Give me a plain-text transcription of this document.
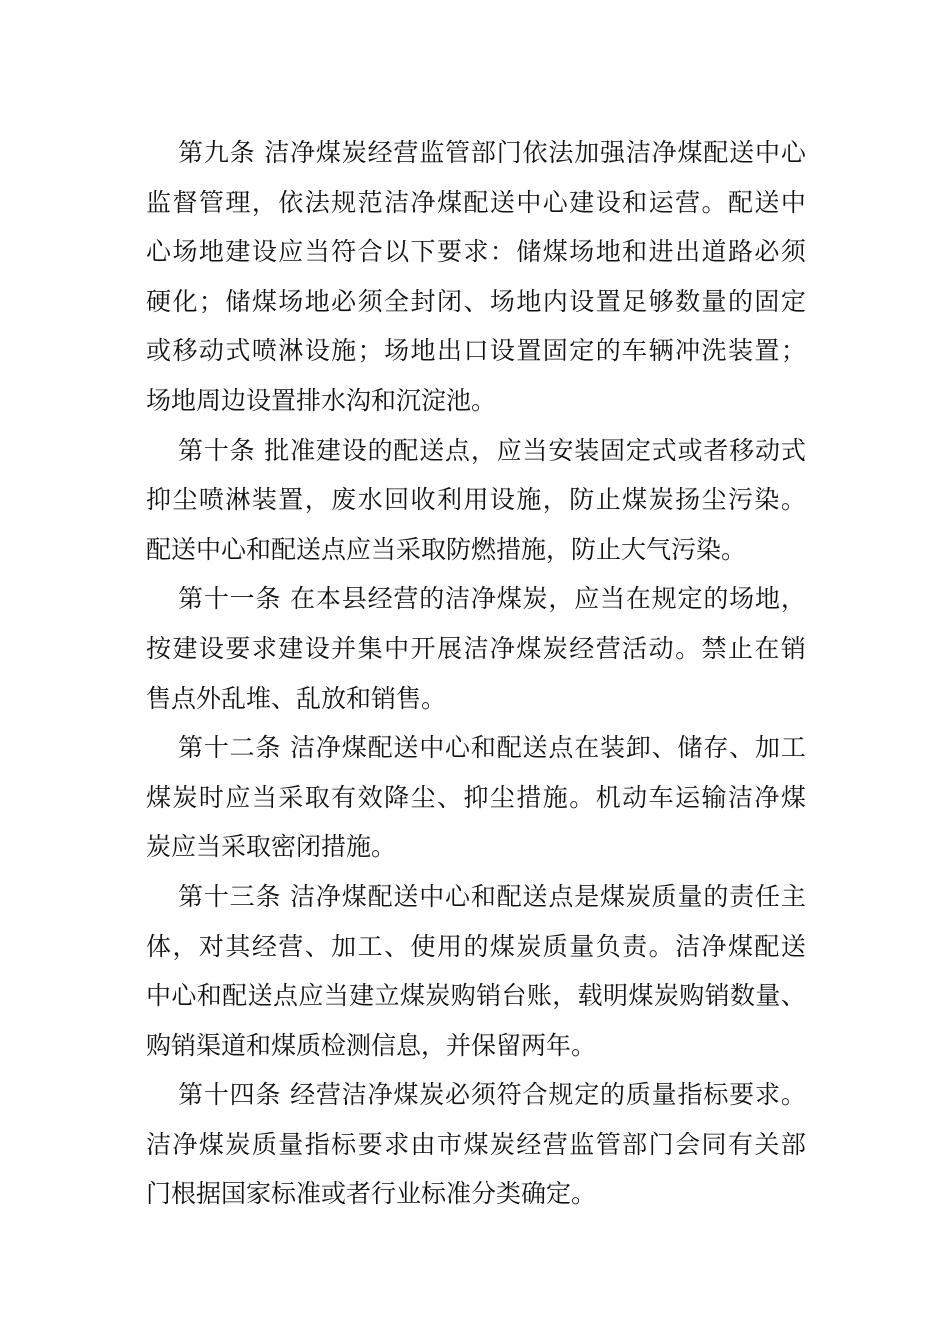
第 九 条
洁 净 煤 炭 经 营 监 管 部 门 依 法 加 强 洁 净 煤 配 送 中 心
监 督 管 理 ， 依 法 规 范 洁 净 煤 配 送 中 心 建 设 和 运 营 。 配 送 中
心 场 地 建 设 应 当 符 合 以 下 要 求 ： 储 煤 场 地 和 进 出 道 路 必 须
硬 化 ； 储 煤 场 地 必 须 全 封 闭 、 场 地 内 设 置 足 够 数 量 的 固 定
或 移 动 式 喷 淋 设 施 ； 场 地 出 口 设 置 固 定 的 车 辆 冲 洗 装 置 ；
场地周边设置排水沟和沉淀池。
第 十 条
批 准 建 设 的 配 送 点 ， 应 当 安 装 固 定 式 或 者 移 动 式
抑 尘 喷 淋 装 置 ， 废 水 回 收 利 用 设 施 ， 防 止 煤 炭 扬 尘 污 染 。
配送中心和配送点应当采取防燃措施，防止大气污染。
第 十 一 条
在 本 县 经 营 的 洁 净 煤 炭 ， 应 当 在 规 定 的 场 地 ，
按 建 设 要 求 建 设 并 集 中 开 展 洁 净 煤 炭 经 营 活 动 。 禁 止 在 销
售点外乱堆、乱放和销售。
第 十 二 条
洁 净 煤 配 送 中 心 和 配 送 点 在 装 卸 、 储 存 、 加 工
煤 炭 时 应 当 采 取 有 效 降 尘 、 抑 尘 措 施 。 机 动 车 运 输 洁 净 煤
炭应当采取密闭措施。
第 十 三 条
洁 净 煤 配 送 中 心 和 配 送 点 是 煤 炭 质 量 的 责 任 主
体 ， 对 其 经 营 、 加 工 、 使 用 的 煤 炭 质 量 负 责 。 洁 净 煤 配 送
中 心 和 配 送 点 应 当 建 立 煤 炭 购 销 台 账 ， 载 明 煤 炭 购 销 数 量 、
购销渠道和煤质检测信息，并保留两年。
第 十 四 条
经 营 洁 净 煤 炭 必 须 符 合 规 定 的 质 量 指 标 要 求 。
洁 净 煤 炭 质 量 指 标 要 求 由 市 煤 炭 经 营 监 管 部 门 会 同 有 关 部
门根据国家标准或者行业标准分类确定。
